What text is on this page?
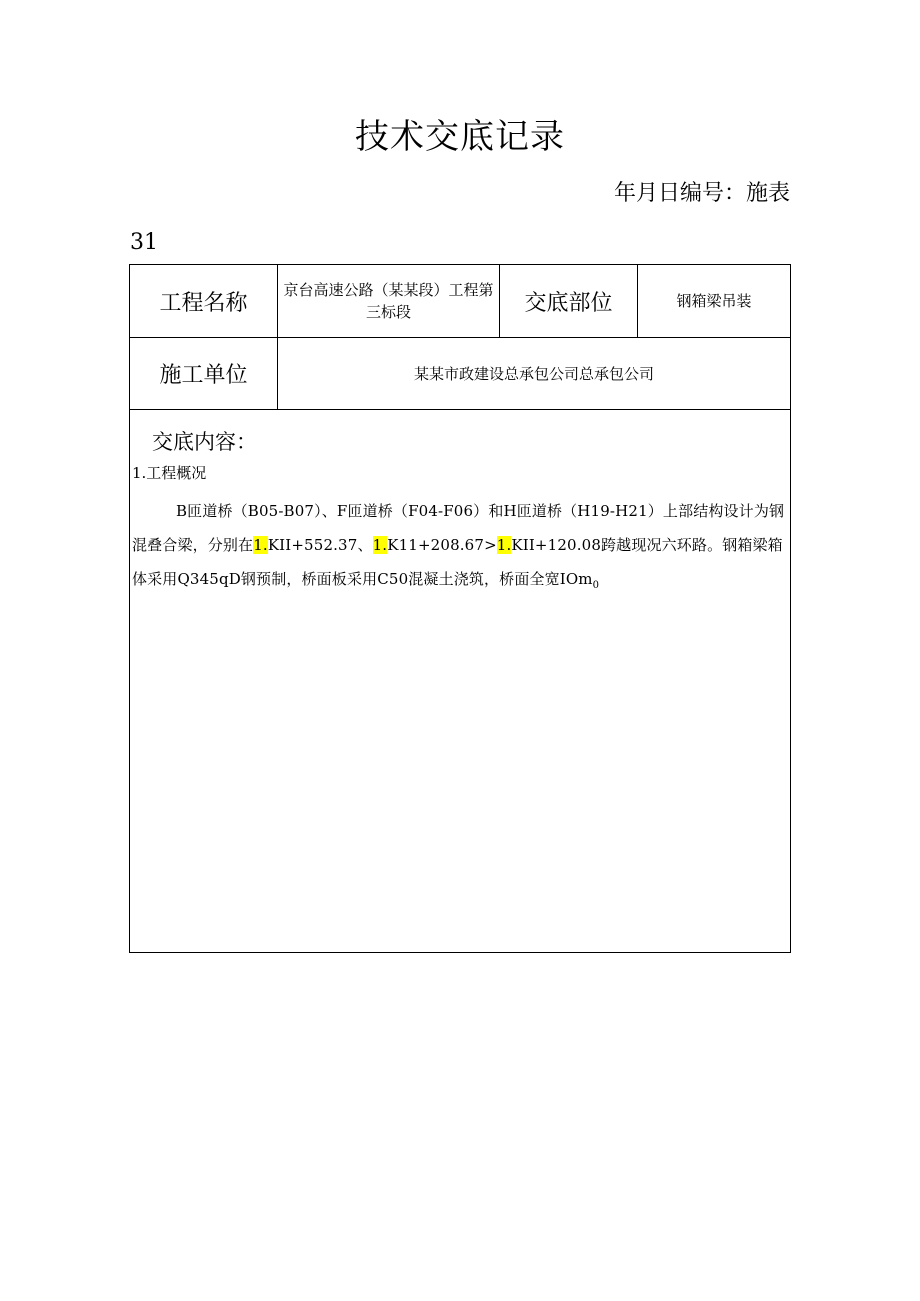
技术交底记录
年月日编号：施表
31
工程名称	京台高速公路（某某段）工程第三标段	交底部位	钢箱梁吊装
施工单位	某某市政建设总承包公司总承包公司		

交底内容：
1.工程概况
B匝道桥（B05-B07）、F匝道桥（F04-F06）和H匝道桥（H19-H21）上部结构设计为钢混叠合梁，分别在1.KII+552.37、1.K11+208.67>1.KII+120.08跨越现况六环路。钢箱梁箱体采用Q345qD钢预制，桥面板采用C50混凝土浇筑，桥面全宽IOm$_0$
